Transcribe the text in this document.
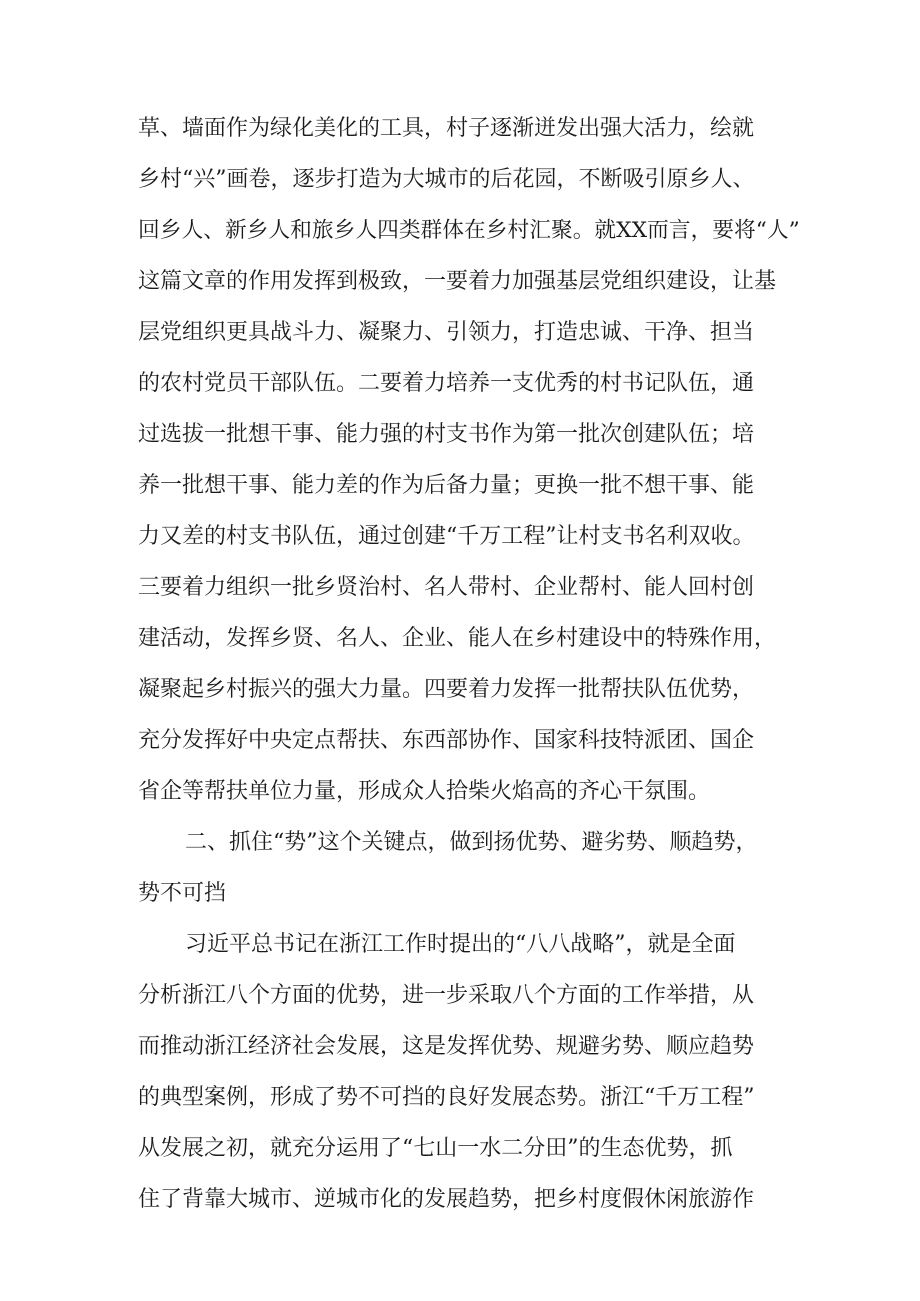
草、墙面作为绿化美化的工具，村子逐渐迸发出强大活力，绘就

乡村“兴”画卷，逐步打造为大城市的后花园，不断吸引原乡人、

回乡人、新乡人和旅乡人四类群体在乡村汇聚。就XX而言，要将“人”

这篇文章的作用发挥到极致，一要着力加强基层党组织建设，让基

层党组织更具战斗力、凝聚力、引领力，打造忠诚、干净、担当

的农村党员干部队伍。二要着力培养一支优秀的村书记队伍，通

过选拔一批想干事、能力强的村支书作为第一批次创建队伍；培

养一批想干事、能力差的作为后备力量；更换一批不想干事、能

力又差的村支书队伍，通过创建“千万工程”让村支书名利双收。

三要着力组织一批乡贤治村、名人带村、企业帮村、能人回村创

建活动，发挥乡贤、名人、企业、能人在乡村建设中的特殊作用，

凝聚起乡村振兴的强大力量。四要着力发挥一批帮扶队伍优势，

充分发挥好中央定点帮扶、东西部协作、国家科技特派团、国企

省企等帮扶单位力量，形成众人拾柴火焰高的齐心干氛围。

二、抓住“势”这个关键点，做到扬优势、避劣势、顺趋势，

势不可挡

习近平总书记在浙江工作时提出的“八八战略”，就是全面

分析浙江八个方面的优势，进一步采取八个方面的工作举措，从

而推动浙江经济社会发展，这是发挥优势、规避劣势、顺应趋势

的典型案例，形成了势不可挡的良好发展态势。浙江“千万工程”

从发展之初，就充分运用了“七山一水二分田”的生态优势，抓

住了背靠大城市、逆城市化的发展趋势，把乡村度假休闲旅游作
